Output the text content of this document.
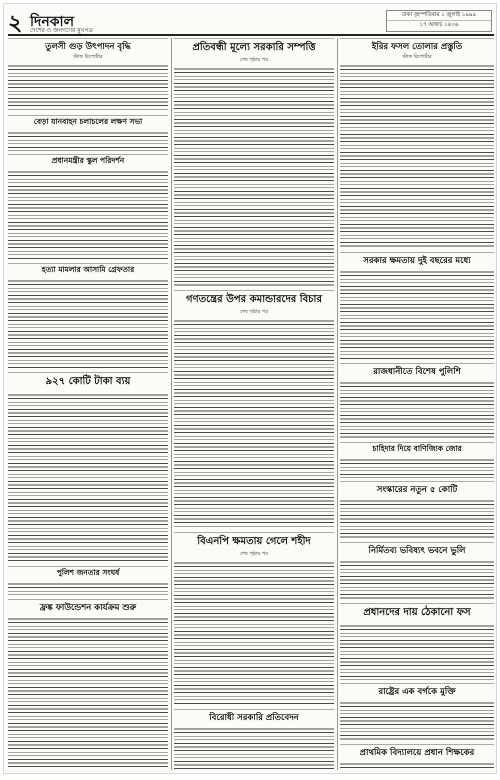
২ দিনকাল
দেশের ও জনগণের মুখপত্র
ঢাকা বৃহস্পতিবার ১ জুলাই ১৯৯৯
১৭ আষাঢ় ১৪০৬
তুলসী গুড় উৎপাদন বৃদ্ধি
স্টাফ রিপোর্টার
বেড়া যানবাহন চলাচলের লক্ষণ সভা
প্রধানমন্ত্রীর স্কুল পরিদর্শন
হত্যা মামলার আসামি গ্রেফতার
৯২৭ কোটি টাকা ব্যয়
পুলিশ জনতার সংঘর্ষ
ফ্রঙ্ক ফাউন্ডেশন কার্যক্রম শুরু
প্রতিবন্ধী মূল্যে সরকারি সম্পত্তি
শেষ পৃষ্ঠার পর
গণতন্ত্রের উপর কমান্ডারদের বিচার
শেষ পৃষ্ঠার পর
বিএনপি ক্ষমতায় গেলে শহীদ
শেষ পৃষ্ঠার পর
বিরোধী সরকারি প্রতিবেদন
ইরির ফসল তোলার প্রস্তুতি
স্টাফ রিপোর্টার
সরকার ক্ষমতায় দুই বছরের মধ্যে
রাজধানীতে বিশেষ পুলিশি
চাহিদার দিয়ে বাণিজ্যিক জোর
সংস্কারের নতুন ৫ কোটি
নির্মিতব্য ভবিষ্যৎ ভবনে ভুলি
প্রধানদের দায় ঠেকানো ফস
রাষ্ট্রের এক বর্গকে মুক্তি
প্রাথমিক বিদ্যালয়ে প্রধান শিক্ষকের
